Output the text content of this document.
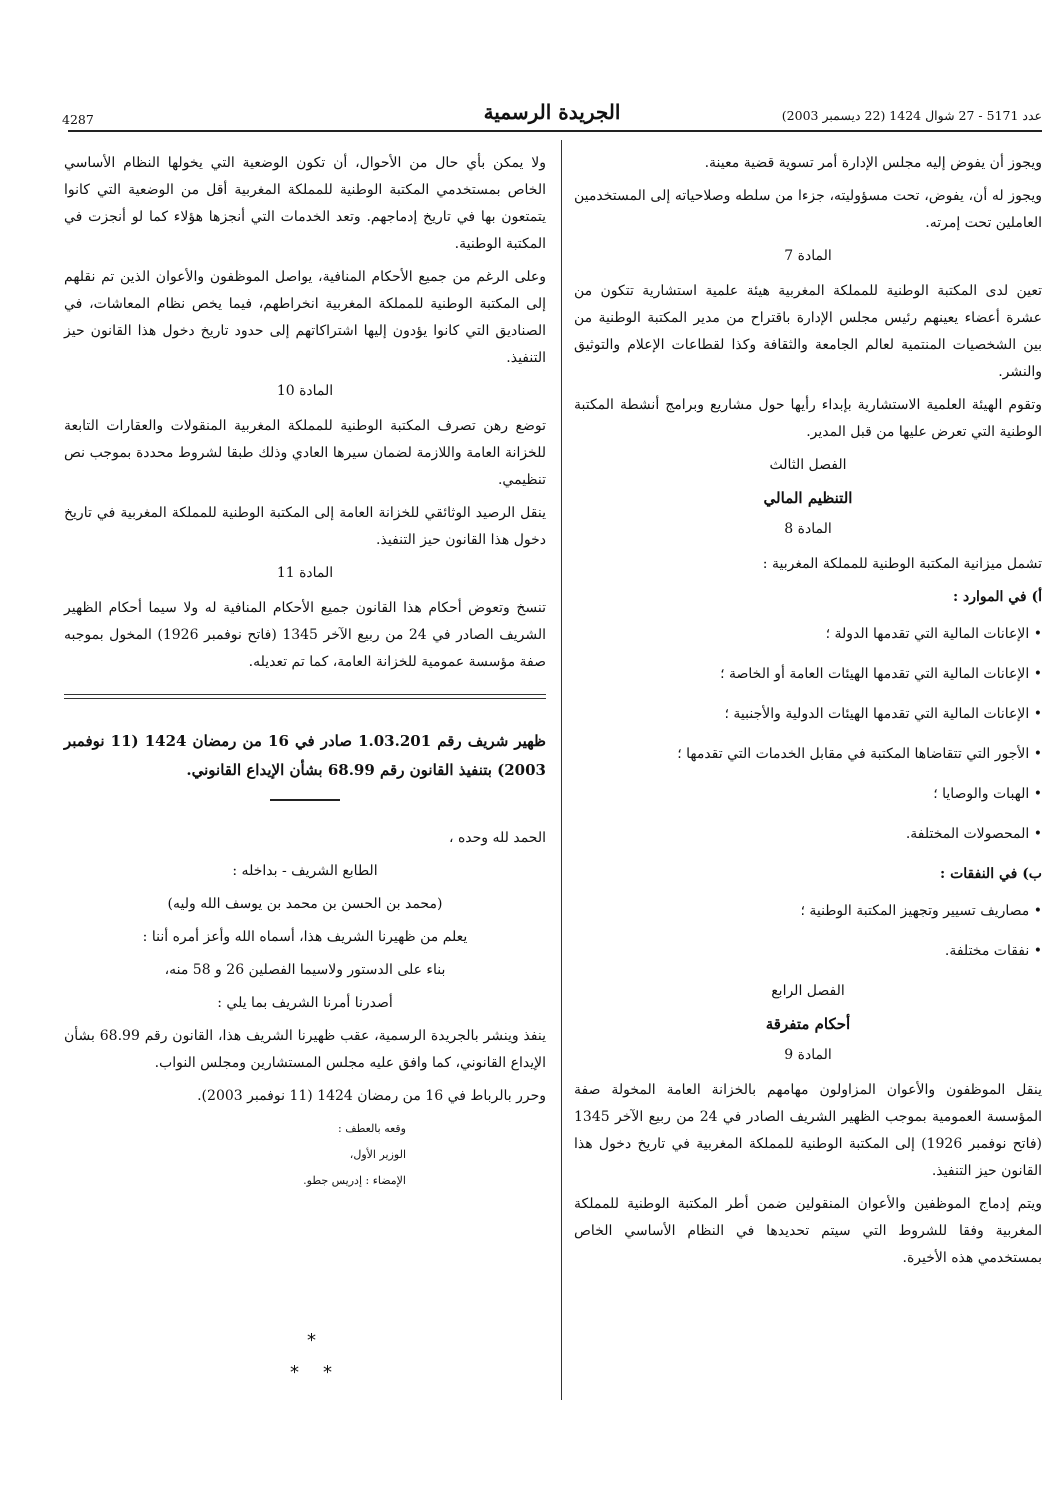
عدد 5171 - 27 شوال 1424 (22 ديسمبر 2003)
الجريدة الرسمية
4287

ويجوز أن يفوض إليه مجلس الإدارة أمر تسوية قضية معينة.

ويجوز له أن، يفوض، تحت مسؤوليته، جزءا من سلطه وصلاحياته إلى المستخدمين العاملين تحت إمرته.

المادة 7

تعين لدى المكتبة الوطنية للمملكة المغربية هيئة علمية استشارية تتكون من عشرة أعضاء يعينهم رئيس مجلس الإدارة باقتراح من مدير المكتبة الوطنية من بين الشخصيات المنتمية لعالم الجامعة والثقافة وكذا لقطاعات الإعلام والتوثيق والنشر.

وتقوم الهيئة العلمية الاستشارية بإبداء رأيها حول مشاريع وبرامج أنشطة المكتبة الوطنية التي تعرض عليها من قبل المدير.

الفصل الثالث
التنظيم المالي
المادة 8

تشمل ميزانية المكتبة الوطنية للمملكة المغربية :

أ) في الموارد :
• الإعانات المالية التي تقدمها الدولة ؛
• الإعانات المالية التي تقدمها الهيئات العامة أو الخاصة ؛
• الإعانات المالية التي تقدمها الهيئات الدولية والأجنبية ؛
• الأجور التي تتقاضاها المكتبة في مقابل الخدمات التي تقدمها ؛
• الهبات والوصايا ؛
• المحصولات المختلفة.
ب) في النفقات :
• مصاريف تسيير وتجهيز المكتبة الوطنية ؛
• نفقات مختلفة.
الفصل الرابع
أحكام متفرقة
المادة 9

ينقل الموظفون والأعوان المزاولون مهامهم بالخزانة العامة المخولة صفة المؤسسة العمومية بموجب الظهير الشريف الصادر في 24 من ربيع الآخر 1345 (فاتح نوفمبر 1926) إلى المكتبة الوطنية للمملكة المغربية في تاريخ دخول هذا القانون حيز التنفيذ.

ويتم إدماج الموظفين والأعوان المنقولين ضمن أطر المكتبة الوطنية للمملكة المغربية وفقا للشروط التي سيتم تحديدها في النظام الأساسي الخاص بمستخدمي هذه الأخيرة.

ولا يمكن بأي حال من الأحوال، أن تكون الوضعية التي يخولها النظام الأساسي الخاص بمستخدمي المكتبة الوطنية للمملكة المغربية أقل من الوضعية التي كانوا يتمتعون بها في تاريخ إدماجهم. وتعد الخدمات التي أنجزها هؤلاء كما لو أنجزت في المكتبة الوطنية.

وعلى الرغم من جميع الأحكام المنافية، يواصل الموظفون والأعوان الذين تم نقلهم إلى المكتبة الوطنية للمملكة المغربية انخراطهم، فيما يخص نظام المعاشات، في الصناديق التي كانوا يؤدون إليها اشتراكاتهم إلى حدود تاريخ دخول هذا القانون حيز التنفيذ.

المادة 10

توضع رهن تصرف المكتبة الوطنية للمملكة المغربية المنقولات والعقارات التابعة للخزانة العامة واللازمة لضمان سيرها العادي وذلك طبقا لشروط محددة بموجب نص تنظيمي.

ينقل الرصيد الوثائقي للخزانة العامة إلى المكتبة الوطنية للمملكة المغربية في تاريخ دخول هذا القانون حيز التنفيذ.

المادة 11

تنسخ وتعوض أحكام هذا القانون جميع الأحكام المنافية له ولا سيما أحكام الظهير الشريف الصادر في 24 من ربيع الآخر 1345 (فاتح نوفمبر 1926) المخول بموجبه صفة مؤسسة عمومية للخزانة العامة، كما تم تعديله.

ظهير شريف رقم 1.03.201 صادر في 16 من رمضان 1424 (11 نوفمبر 2003) بتنفيذ القانون رقم 68.99 بشأن الإيداع القانوني.

الحمد لله وحده ،

الطابع الشريف - بداخله :

(محمد بن الحسن بن محمد بن يوسف الله وليه)

يعلم من ظهيرنا الشريف هذا، أسماه الله وأعز أمره أننا :

بناء على الدستور ولاسيما الفصلين 26 و 58 منه،

أصدرنا أمرنا الشريف بما يلي :

ينفذ وينشر بالجريدة الرسمية، عقب ظهيرنا الشريف هذا، القانون رقم 68.99 بشأن الإيداع القانوني، كما وافق عليه مجلس المستشارين ومجلس النواب.

وحرر بالرباط في 16 من رمضان 1424 (11 نوفمبر 2003).

وقعه بالعطف :
الوزير الأول،
الإمضاء : إدريس جطو.
*
* *
